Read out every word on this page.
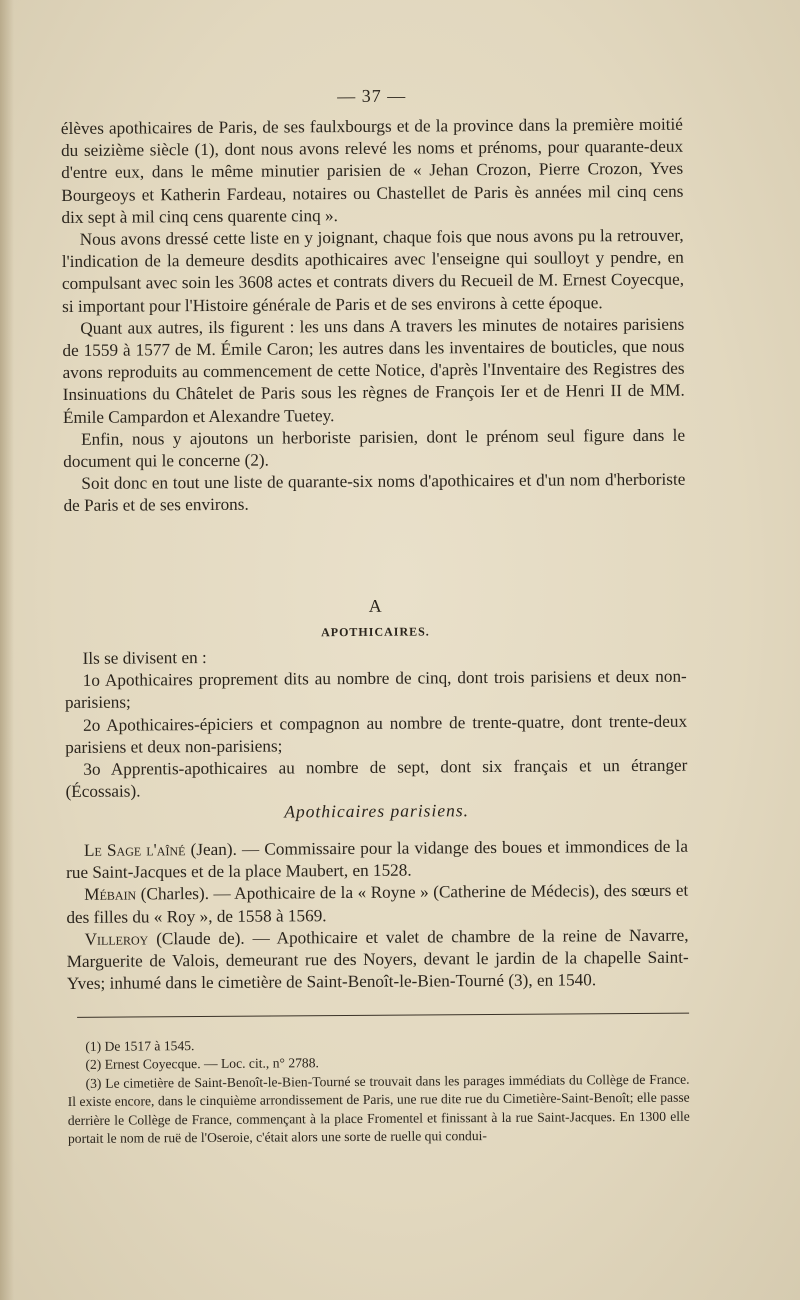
— 37 —

élèves apothicaires de Paris, de ses faulxbourgs et de la province dans la première moitié du seizième siècle (1), dont nous avons relevé les noms et prénoms, pour quarante-deux d'entre eux, dans le même minutier parisien de « Jehan Crozon, Pierre Crozon, Yves Bourgeoys et Katherin Fardeau, notaires ou Chastellet de Paris ès années mil cinq cens dix sept à mil cinq cens quarente cinq ».

Nous avons dressé cette liste en y joignant, chaque fois que nous avons pu la retrouver, l'indication de la demeure desdits apothicaires avec l'enseigne qui soulloyt y pendre, en compulsant avec soin les 3608 actes et contrats divers du Recueil de M. Ernest Coyecque, si important pour l'Histoire générale de Paris et de ses environs à cette époque.

Quant aux autres, ils figurent : les uns dans A travers les minutes de notaires parisiens de 1559 à 1577 de M. Émile Caron; les autres dans les inventaires de bouticles, que nous avons reproduits au commencement de cette Notice, d'après l'Inventaire des Registres des Insinuations du Châtelet de Paris sous les règnes de François Ier et de Henri II de MM. Émile Campardon et Alexandre Tuetey.

Enfin, nous y ajoutons un herboriste parisien, dont le prénom seul figure dans le document qui le concerne (2).

Soit donc en tout une liste de quarante-six noms d'apothicaires et d'un nom d'herboriste de Paris et de ses environs.

A
APOTHICAIRES.

Ils se divisent en :

1o Apothicaires proprement dits au nombre de cinq, dont trois parisiens et deux non-parisiens;

2o Apothicaires-épiciers et compagnon au nombre de trente-quatre, dont trente-deux parisiens et deux non-parisiens;

3o Apprentis-apothicaires au nombre de sept, dont six français et un étranger (Écossais).

Apothicaires parisiens.

Le Sage l'aîné (Jean). — Commissaire pour la vidange des boues et immondices de la rue Saint-Jacques et de la place Maubert, en 1528.

Mébain (Charles). — Apothicaire de la « Royne » (Catherine de Médecis), des sœurs et des filles du « Roy », de 1558 à 1569.

Villeroy (Claude de). — Apothicaire et valet de chambre de la reine de Navarre, Marguerite de Valois, demeurant rue des Noyers, devant le jardin de la chapelle Saint-Yves; inhumé dans le cimetière de Saint-Benoît-le-Bien-Tourné (3), en 1540.

(1) De 1517 à 1545.

(2) Ernest Coyecque. — Loc. cit., n° 2788.

(3) Le cimetière de Saint-Benoît-le-Bien-Tourné se trouvait dans les parages immédiats du Collège de France. Il existe encore, dans le cinquième arrondissement de Paris, une rue dite rue du Cimetière-Saint-Benoît; elle passe derrière le Collège de France, commençant à la place Fromentel et finissant à la rue Saint-Jacques. En 1300 elle portait le nom de ruë de l'Oseroie, c'était alors une sorte de ruelle qui condui-
